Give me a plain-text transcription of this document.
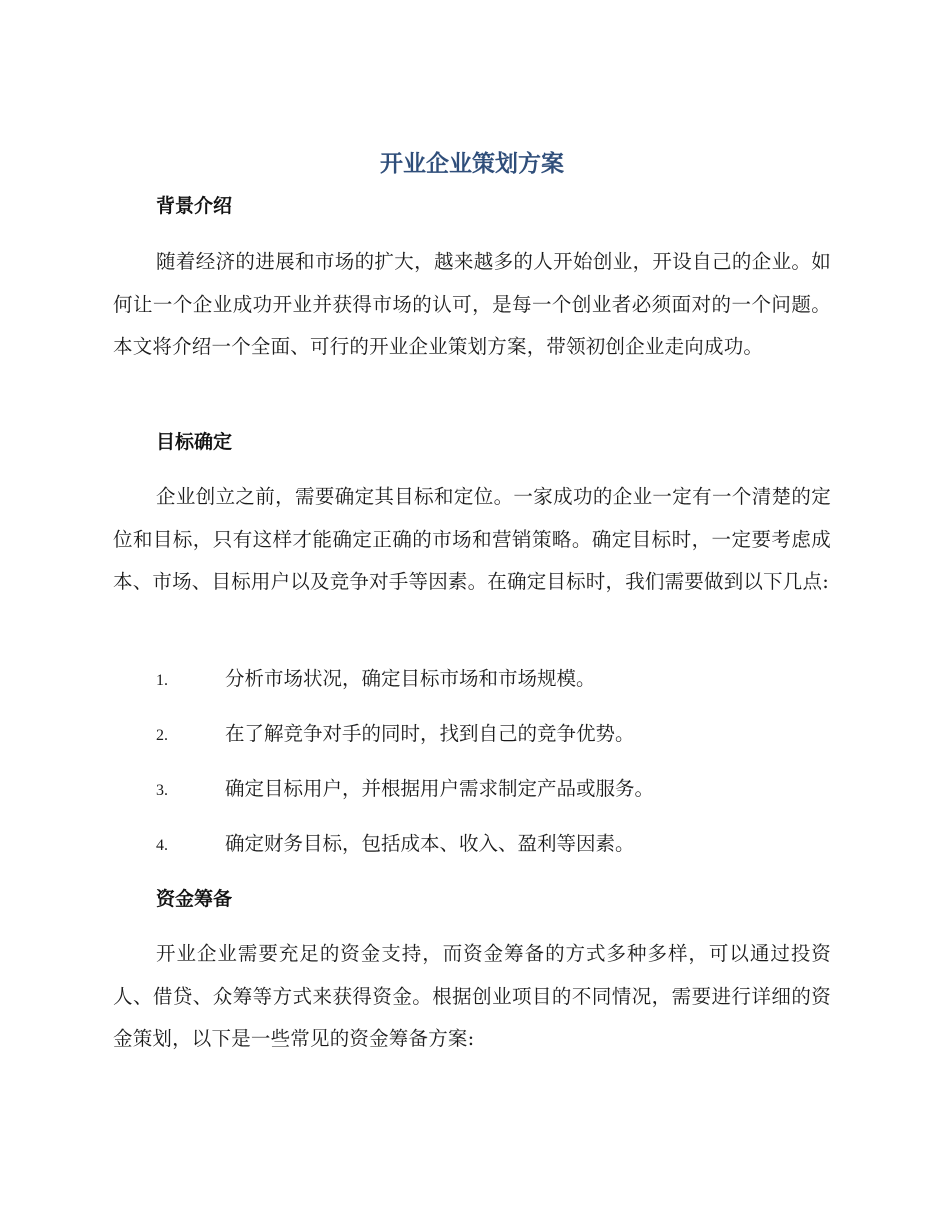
开业企业策划方案
背景介绍

随着经济的进展和市场的扩大，越来越多的人开始创业，开设自己的企业。如何让一个企业成功开业并获得市场的认可，是每一个创业者必须面对的一个问题。本文将介绍一个全面、可行的开业企业策划方案，带领初创企业走向成功。

目标确定

企业创立之前，需要确定其目标和定位。一家成功的企业一定有一个清楚的定位和目标，只有这样才能确定正确的市场和营销策略。确定目标时，一定要考虑成本、市场、目标用户以及竞争对手等因素。在确定目标时，我们需要做到以下几点:

1.	分析市场状况，确定目标市场和市场规模。
2.	在了解竞争对手的同时，找到自己的竞争优势。
3.	确定目标用户，并根据用户需求制定产品或服务。
4.	确定财务目标，包括成本、收入、盈利等因素。
资金筹备

开业企业需要充足的资金支持，而资金筹备的方式多种多样，可以通过投资人、借贷、众筹等方式来获得资金。根据创业项目的不同情况，需要进行详细的资金策划，以下是一些常见的资金筹备方案:
